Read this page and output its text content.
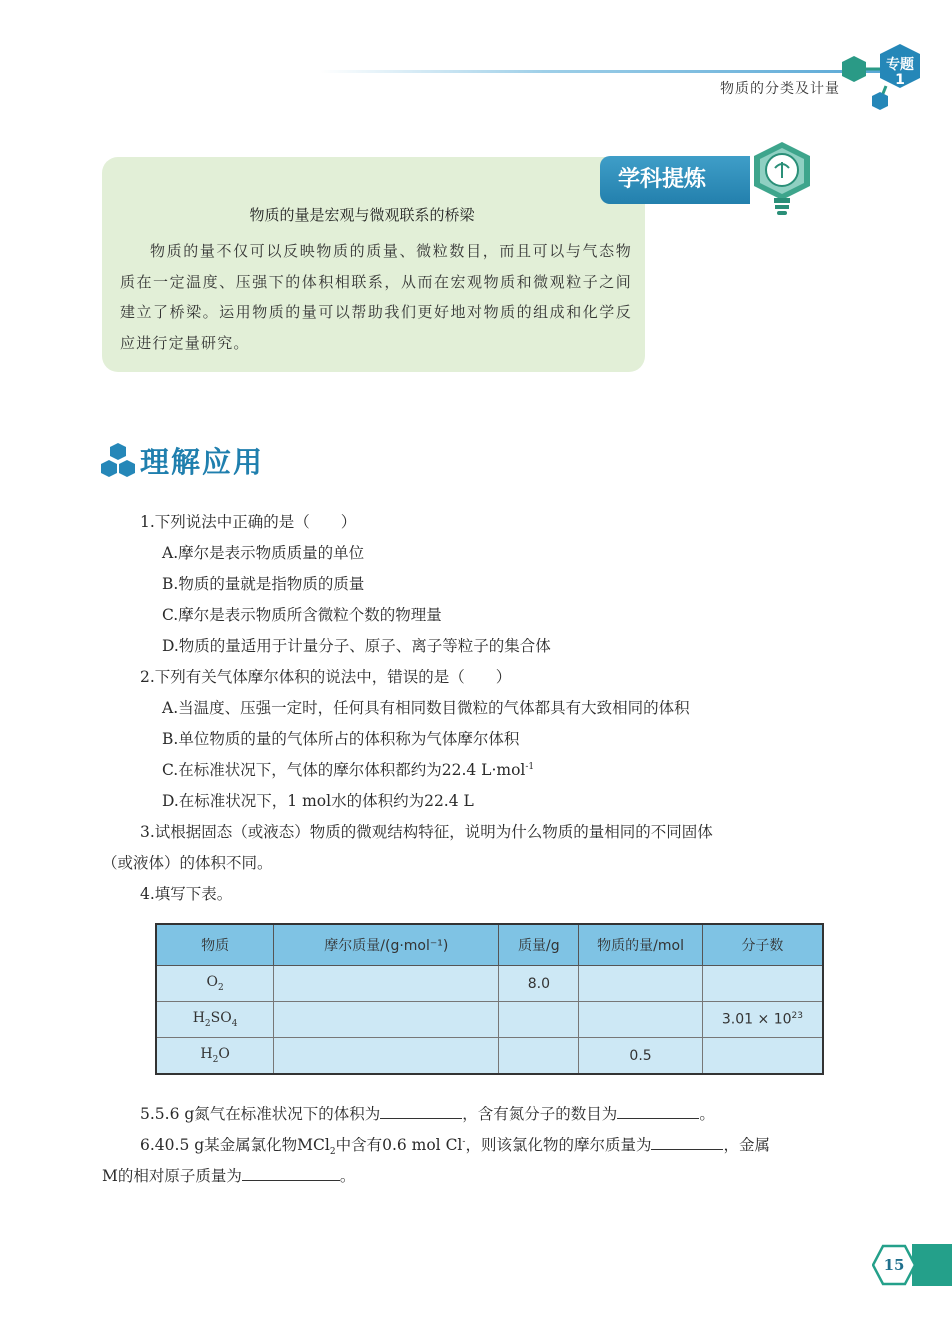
物质的分类及计量
专题
1
学科提炼
物质的量是宏观与微观联系的桥梁
物质的量不仅可以反映物质的质量、微粒数目，而且可以与气态物质在一定温度、压强下的体积相联系，从而在宏观物质和微观粒子之间建立了桥梁。运用物质的量可以帮助我们更好地对物质的组成和化学反应进行定量研究。
理解应用
1.下列说法中正确的是（　　）
A.摩尔是表示物质质量的单位
B.物质的量就是指物质的质量
C.摩尔是表示物质所含微粒个数的物理量
D.物质的量适用于计量分子、原子、离子等粒子的集合体
2.下列有关气体摩尔体积的说法中，错误的是（　　）
A.当温度、压强一定时，任何具有相同数目微粒的气体都具有大致相同的体积
B.单位物质的量的气体所占的体积称为气体摩尔体积
C.在标准状况下，气体的摩尔体积都约为22.4 L·mol$^{-1}$
D.在标准状况下，1 mol水的体积约为22.4 L
3.试根据固态（或液态）物质的微观结构特征，说明为什么物质的量相同的不同固体
（或液体）的体积不同。
4.填写下表。
物质	摩尔质量/(g·mol⁻¹)	质量/g	物质的量/mol	分子数
$O_2$		8.0		
$H_2SO_4$				$3.01 \times 10^{23}$
$H_2O$			0.5	
5.5.6 g氮气在标准状况下的体积为	，含有氮分子的数目为	。
6.40.5 g某金属氯化物MCl$_2$中含有0.6 mol Cl-，则该氯化物的摩尔质量为	，金属
M的相对原子质量为	。
15
